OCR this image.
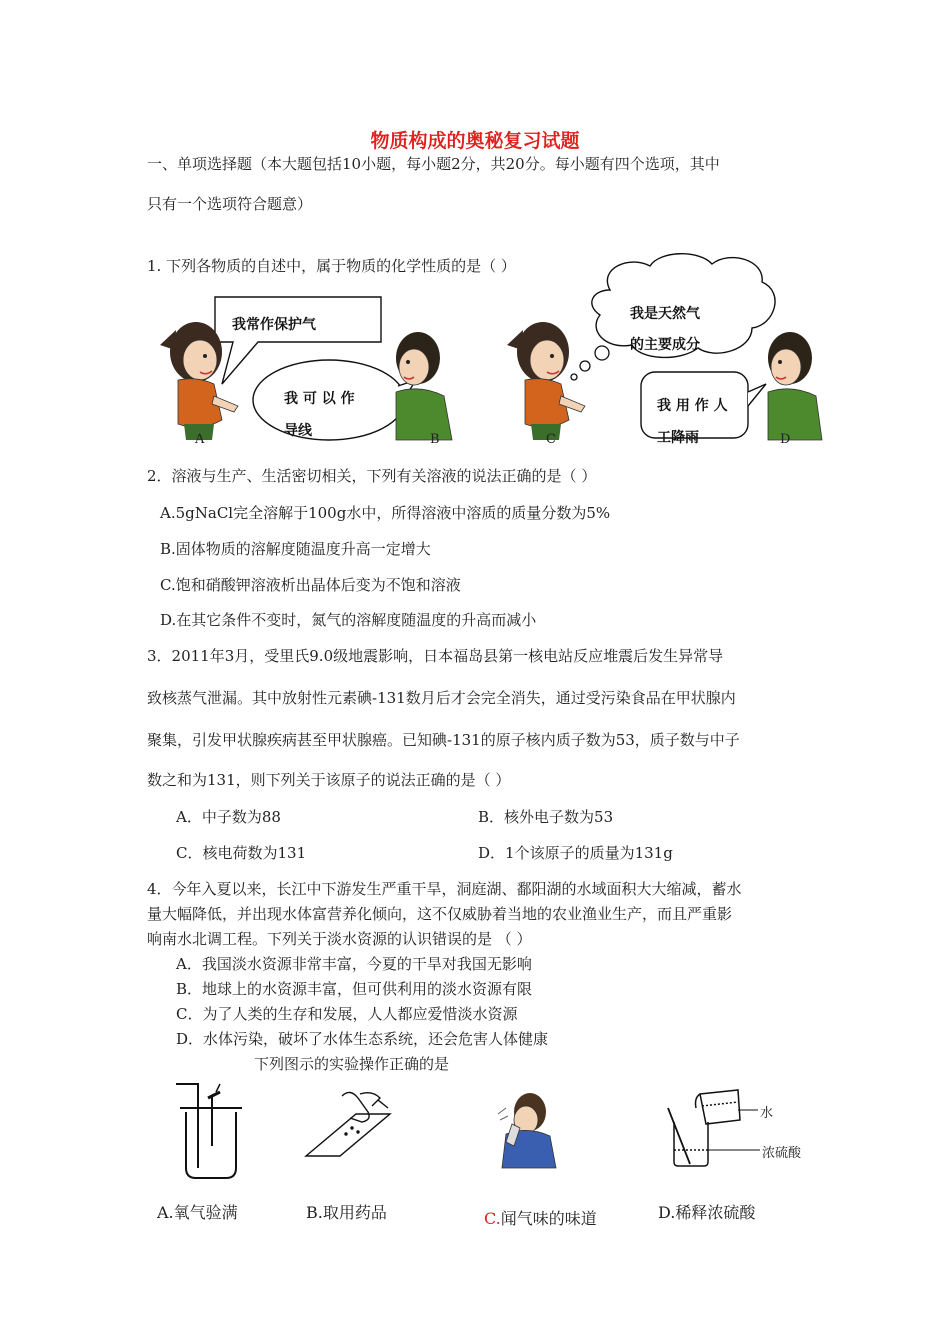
物质构成的奥秘复习试题
一、单项选择题（本大题包括10小题，每小题2分，共20分。每小题有四个选项，其中
只有一个选项符合题意）
1. 下列各物质的自述中，属于物质的化学性质的是（ ）
我常作保护气
我 可 以 作
导线
我是天然气
的主要成分
我 用 作 人
工降雨
A	B	C	D
2．溶液与生产、生活密切相关，下列有关溶液的说法正确的是（ ）
A.5gNaCl完全溶解于100g水中，所得溶液中溶质的质量分数为5%
B.固体物质的溶解度随温度升高一定增大
C.饱和硝酸钾溶液析出晶体后变为不饱和溶液
D.在其它条件不变时，氮气的溶解度随温度的升高而减小
3．2011年3月，受里氏9.0级地震影响，日本福岛县第一核电站反应堆震后发生异常导
致核蒸气泄漏。其中放射性元素碘-131数月后才会完全消失，通过受污染食品在甲状腺内
聚集，引发甲状腺疾病甚至甲状腺癌。已知碘-131的原子核内质子数为53，质子数与中子
数之和为131，则下列关于该原子的说法正确的是（ ）
A．中子数为88	B．核外电子数为53
C．核电荷数为131	D．1个该原子的质量为131g
4．今年入夏以来，长江中下游发生严重干旱，洞庭湖、鄱阳湖的水域面积大大缩减，蓄水
量大幅降低，并出现水体富营养化倾向，这不仅威胁着当地的农业渔业生产，而且严重影
响南水北调工程。下列关于淡水资源的认识错误的是 （ ）
A．我国淡水资源非常丰富，今夏的干旱对我国无影响
B．地球上的水资源丰富，但可供利用的淡水资源有限
C．为了人类的生存和发展，人人都应爱惜淡水资源
D．水体污染，破坏了水体生态系统，还会危害人体健康
下列图示的实验操作正确的是
水
浓硫酸
A.氧气验满	B.取用药品	C.闻气味的味道	D.稀释浓硫酸
